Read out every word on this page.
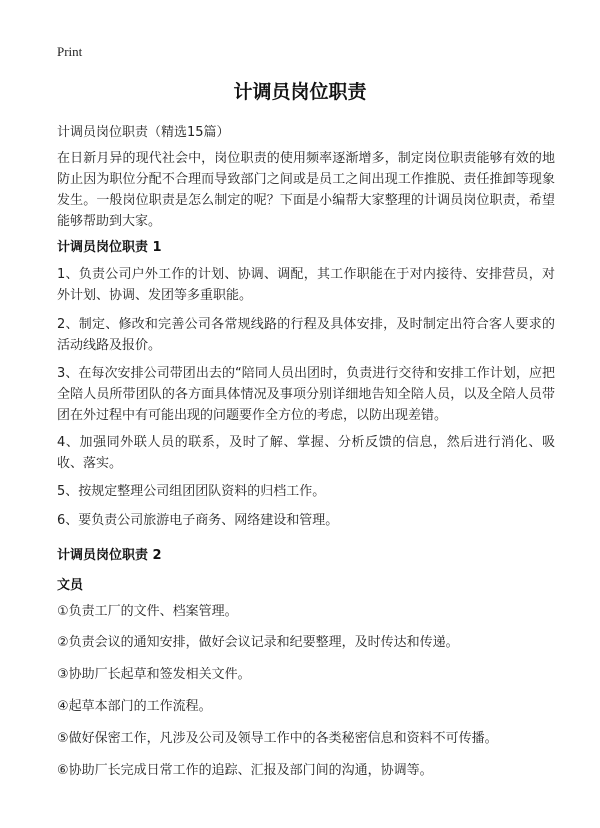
Print
计调员岗位职责
计调员岗位职责（精选15篇）
在日新月异的现代社会中，岗位职责的使用频率逐渐增多，制定岗位职责能够有效的地防止因为职位分配不合理而导致部门之间或是员工之间出现工作推脱、责任推卸等现象发生。一般岗位职责是怎么制定的呢？下面是小编帮大家整理的计调员岗位职责，希望能够帮助到大家。
计调员岗位职责 1
1、负责公司户外工作的计划、协调、调配，其工作职能在于对内接待、安排营员，对外计划、协调、发团等多重职能。
2、制定、修改和完善公司各常规线路的行程及具体安排，及时制定出符合客人要求的活动线路及报价。
3、在每次安排公司带团出去的“陪同人员出团时，负责进行交待和安排工作计划，应把全陪人员所带团队的各方面具体情况及事项分别详细地告知全陪人员，以及全陪人员带团在外过程中有可能出现的问题要作全方位的考虑，以防出现差错。
4、加强同外联人员的联系，及时了解、掌握、分析反馈的信息，然后进行消化、吸收、落实。
5、按规定整理公司组团团队资料的归档工作。
6、要负责公司旅游电子商务、网络建设和管理。
计调员岗位职责 2
文员
①负责工厂的文件、档案管理。
②负责会议的通知安排，做好会议记录和纪要整理，及时传达和传递。
③协助厂长起草和签发相关文件。
④起草本部门的工作流程。
⑤做好保密工作，凡涉及公司及领导工作中的各类秘密信息和资料不可传播。
⑥协助厂长完成日常工作的追踪、汇报及部门间的沟通，协调等。
